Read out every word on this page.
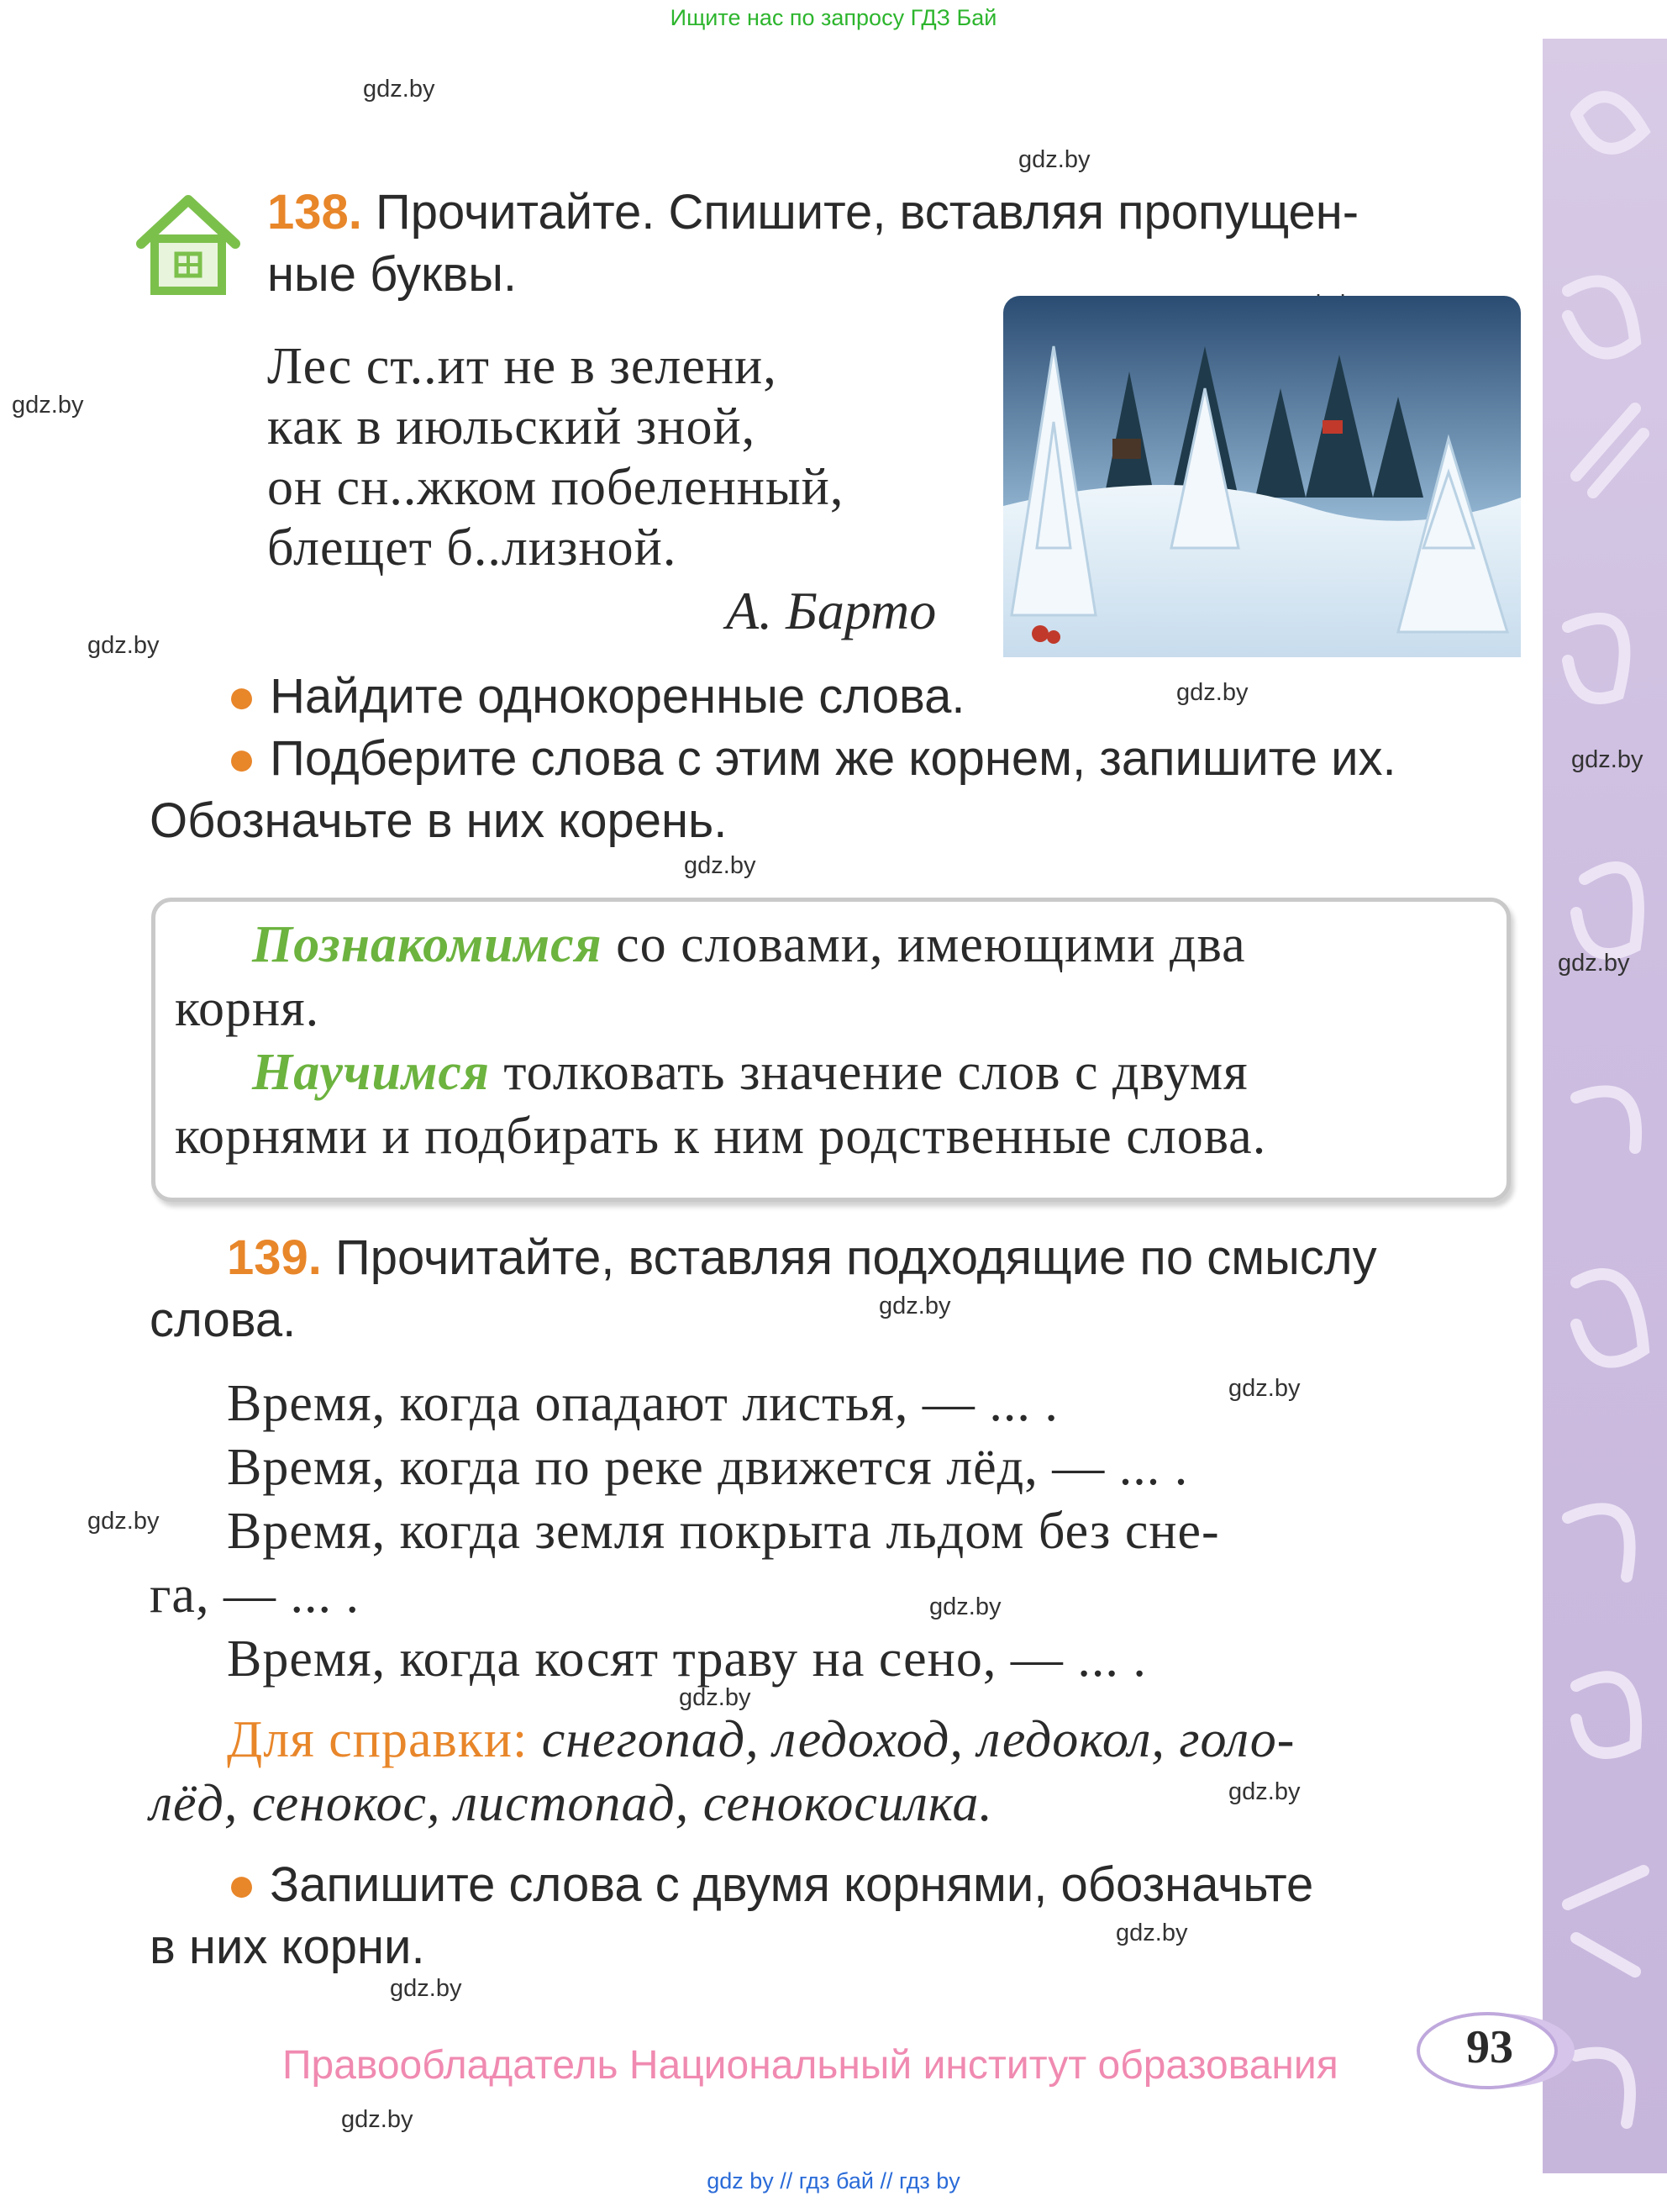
Ищите нас по запросу ГДЗ Бай
gdz.by
gdz.by
gdz.by
gdz.by
gdz.by
gdz.by
gdz.by
gdz.by
gdz.by
gdz.by
gdz.by
gdz.by
gdz.by
gdz.by
gdz.by
gdz.by
gdz.by
138. Прочитайте. Спишите, вставляя пропущен-
ные буквы.
Лес ст..ит не в зелени,
как в июльский зной,
он сн..жком побеленный,
блещет б..лизной.
А. Барто
● Найдите однокоренные слова.
● Подберите слова с этим же корнем, запишите их.
Обозначьте в них корень.
Познакомимся со словами, имеющими два
корня.
Научимся толковать значение слов с двумя
корнями и подбирать к ним родственные слова.
139. Прочитайте, вставляя подходящие по смыслу
слова.
Время, когда опадают листья, — ... .
Время, когда по реке движется лёд, — ... .
Время, когда земля покрыта льдом без сне-
га, — ... .
Время, когда косят траву на сено, — ... .
Для справки: снегопад, ледоход, ледокол, голо-
лёд, сенокос, листопад, сенокосилка.
● Запишите слова с двумя корнями, обозначьте
в них корни.
93
Правообладатель Национальный институт образования
gdz by // гдз бай // гдз by
